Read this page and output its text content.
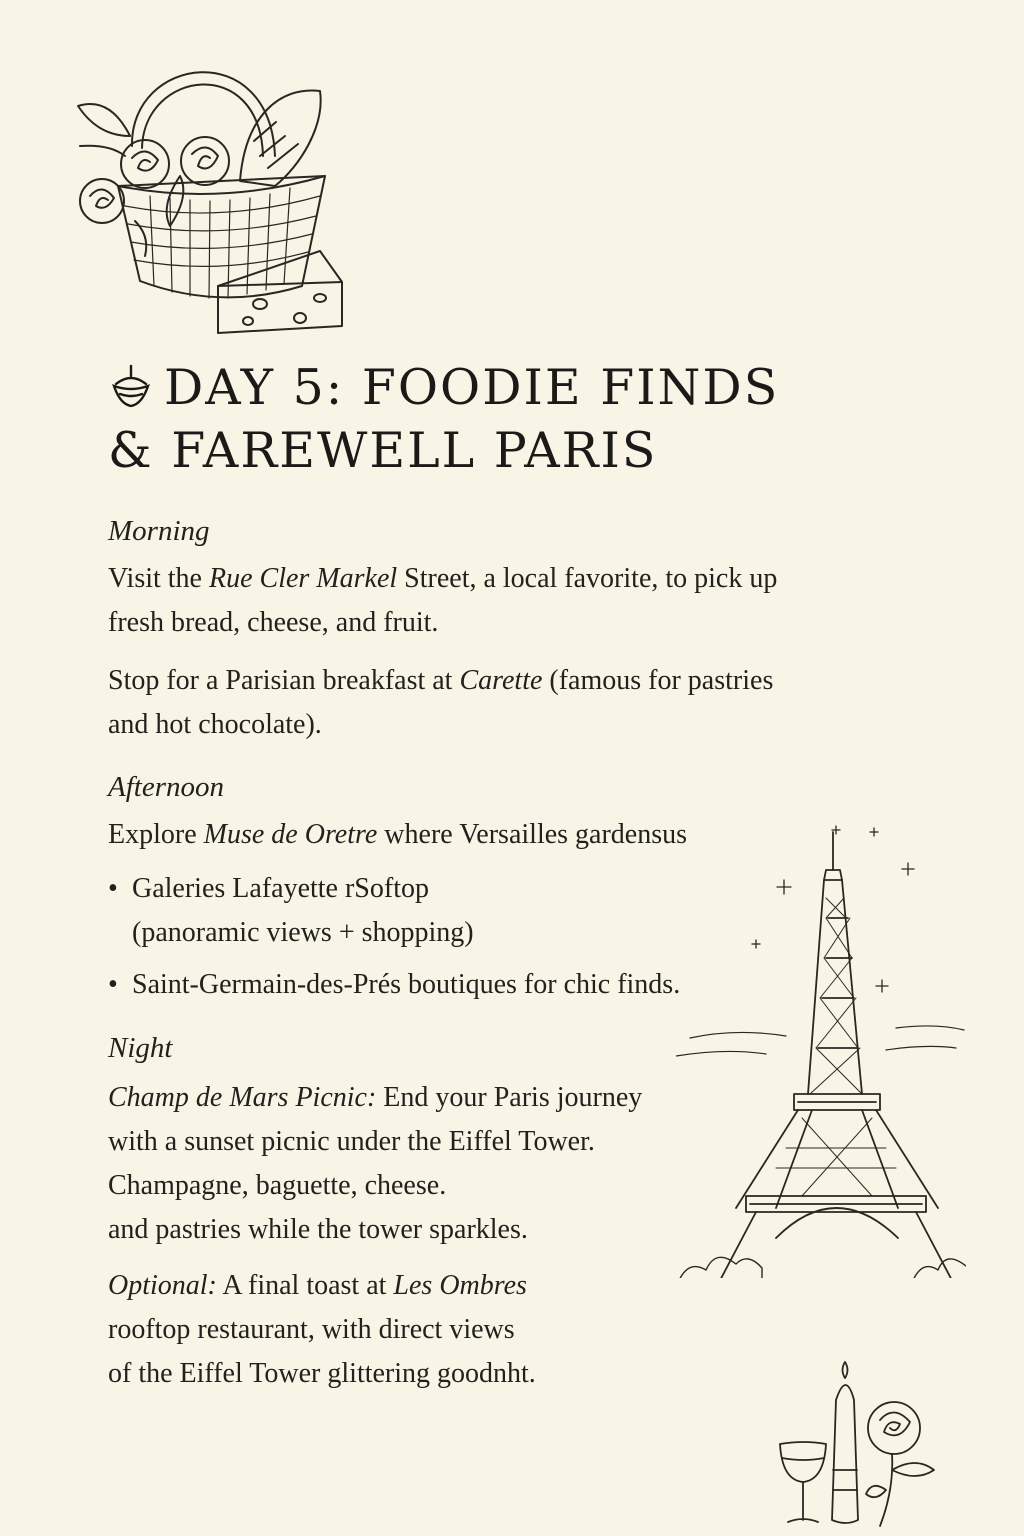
DAY 5: FOODIE FINDS
& FAREWELL PARIS
Morning
Visit the Rue Cler Markel Street, a local favorite, to pick up
fresh bread, cheese, and fruit.
Stop for a Parisian breakfast at Carette (famous for pastries
and hot chocolate).
Afternoon
Explore Muse de Oretre where Versailles gardensus
• Galeries Lafayette rSoftop
(panoramic views + shopping)
• Saint-Germain-des-Prés boutiques for chic finds.
Night
Champ de Mars Picnic: End your Paris journey
with a sunset picnic under the Eiffel Tower.
Champagne, baguette, cheese.
and pastries while the tower sparkles.
Optional: A final toast at Les Ombres
rooftop restaurant, with direct views
of the Eiffel Tower glittering goodnht.
